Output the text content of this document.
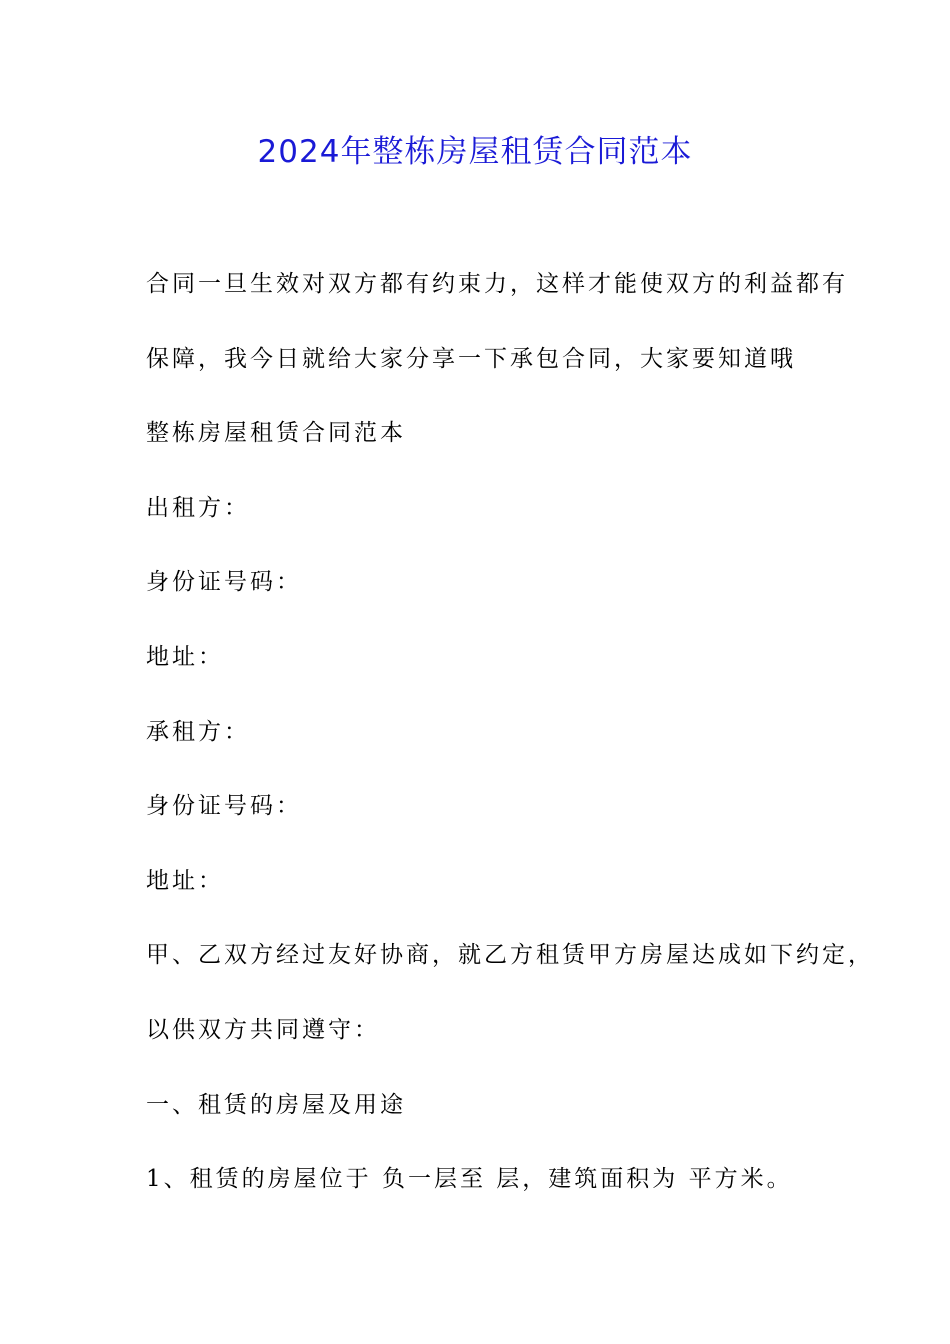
2024年整栋房屋租赁合同范本
合同一旦生效对双方都有约束力，这样才能使双方的利益都有
保障，我今日就给大家分享一下承包合同，大家要知道哦
整栋房屋租赁合同范本
出租方：
身份证号码：
地址：
承租方：
身份证号码：
地址：
甲、乙双方经过友好协商，就乙方租赁甲方房屋达成如下约定，
以供双方共同遵守：
一、租赁的房屋及用途
1、租赁的房屋位于 负一层至 层，建筑面积为 平方米。
